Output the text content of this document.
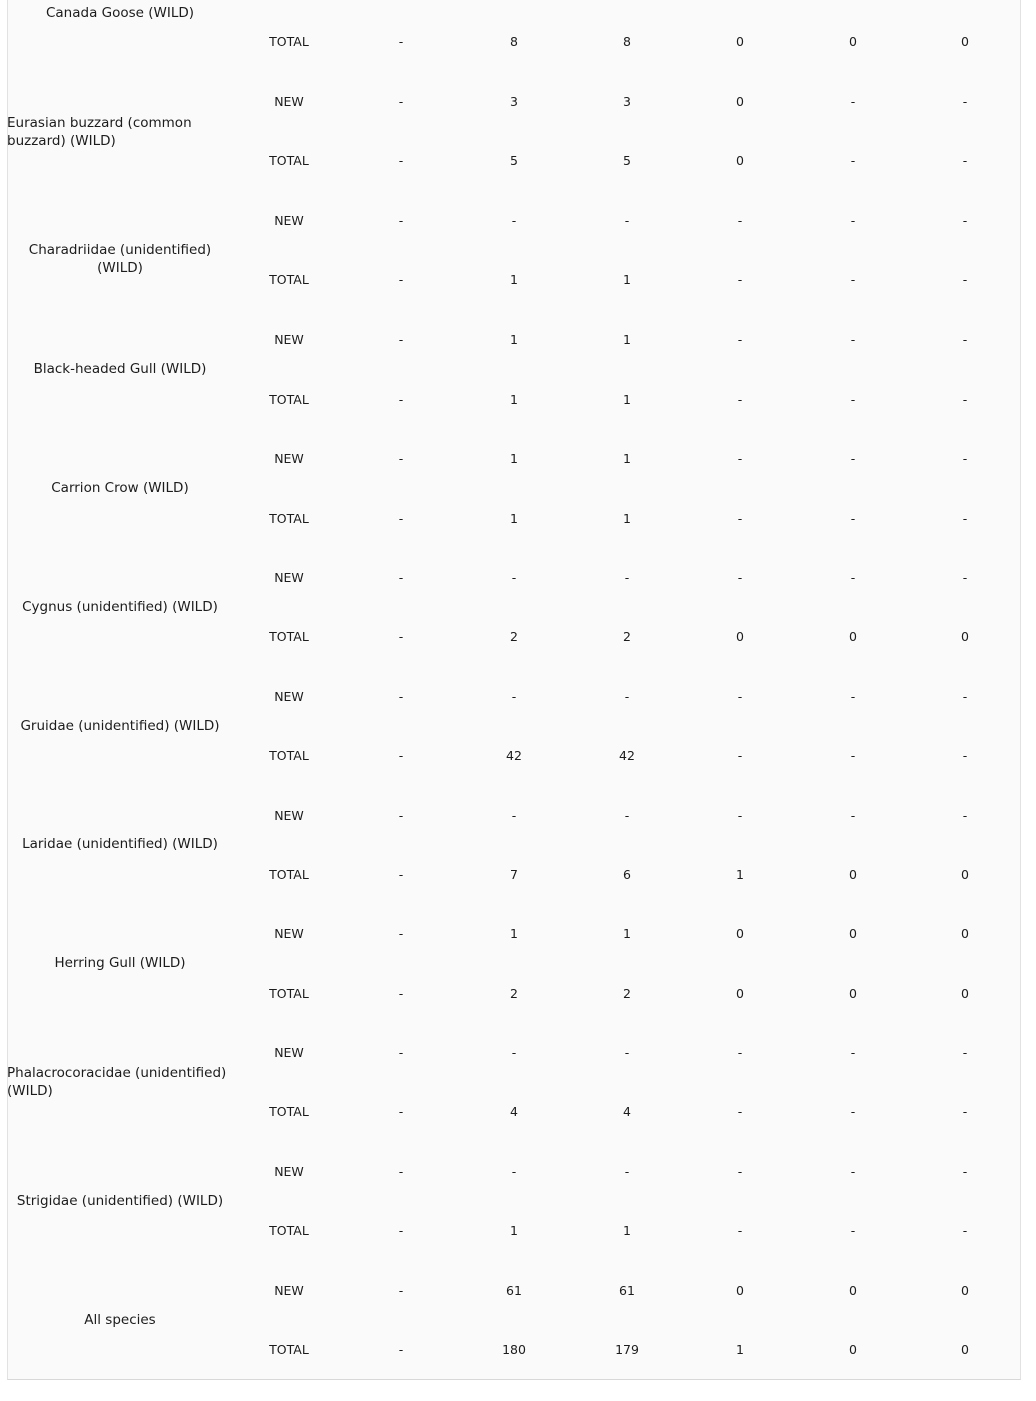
Canada Goose (WILD)
TOTAL	-	8	8	0	0	0
Eurasian buzzard (common buzzard) (WILD)
NEW	-	3	3	0	-	-
TOTAL	-	5	5	0	-	-
Charadriidae (unidentified) (WILD)
NEW	-	-	-	-	-	-
TOTAL	-	1	1	-	-	-
Black-headed Gull (WILD)
NEW	-	1	1	-	-	-
TOTAL	-	1	1	-	-	-
Carrion Crow (WILD)
NEW	-	1	1	-	-	-
TOTAL	-	1	1	-	-	-
Cygnus (unidentified) (WILD)
NEW	-	-	-	-	-	-
TOTAL	-	2	2	0	0	0
Gruidae (unidentified) (WILD)
NEW	-	-	-	-	-	-
TOTAL	-	42	42	-	-	-
Laridae (unidentified) (WILD)
NEW	-	-	-	-	-	-
TOTAL	-	7	6	1	0	0
Herring Gull (WILD)
NEW	-	1	1	0	0	0
TOTAL	-	2	2	0	0	0
Phalacrocoracidae (unidentified) (WILD)
NEW	-	-	-	-	-	-
TOTAL	-	4	4	-	-	-
Strigidae (unidentified) (WILD)
NEW	-	-	-	-	-	-
TOTAL	-	1	1	-	-	-
All species
NEW	-	61	61	0	0	0
TOTAL	-	180	179	1	0	0
